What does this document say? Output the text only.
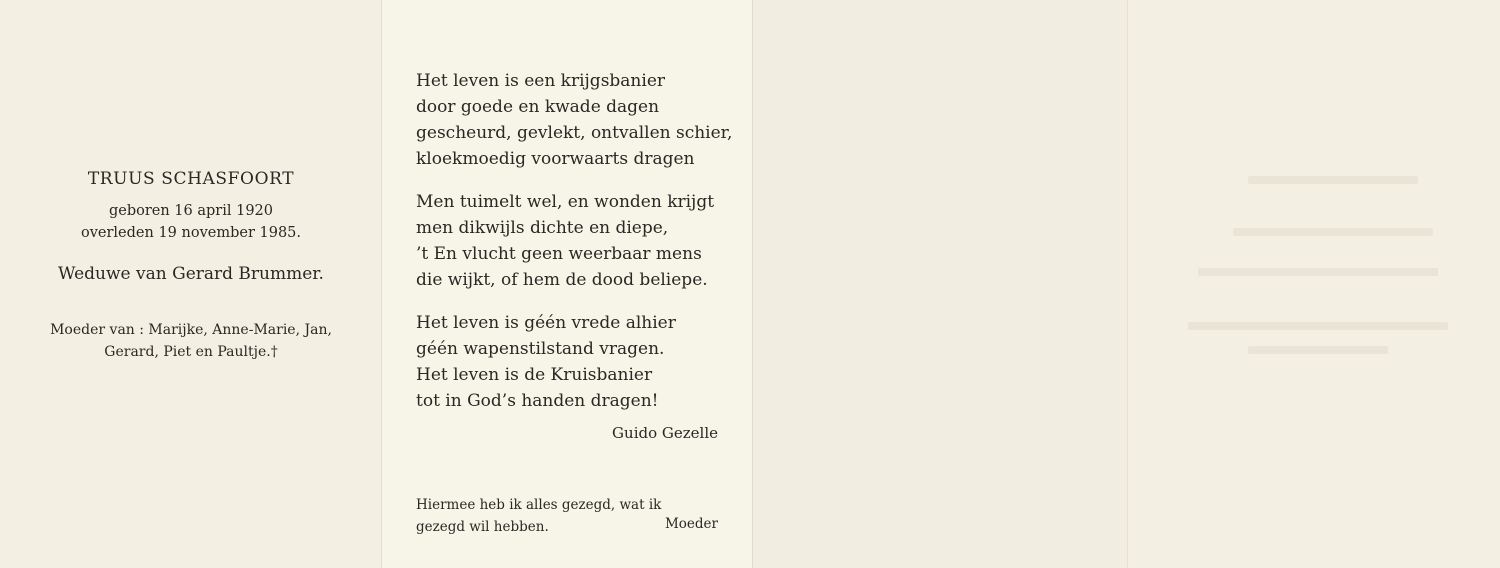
TRUUS SCHASFOORT
geboren 16 april 1920
overleden 19 november 1985.
Weduwe van Gerard Brummer.
Moeder van : Marijke, Anne-Marie, Jan,
Gerard, Piet en Paultje.†
Het leven is een krijgsbanier
door goede en kwade dagen
gescheurd, gevlekt, ontvallen schier,
kloekmoedig voorwaarts dragen
Men tuimelt wel, en wonden krijgt
men dikwijls dichte en diepe,
’t En vlucht geen weerbaar mens
die wijkt, of hem de dood beliepe.
Het leven is géén vrede alhier
géén wapenstilstand vragen.
Het leven is de Kruisbanier
tot in God’s handen dragen!
Guido Gezelle
Hiermee heb ik alles gezegd, wat ik
gezegd wil hebben.	Moeder
